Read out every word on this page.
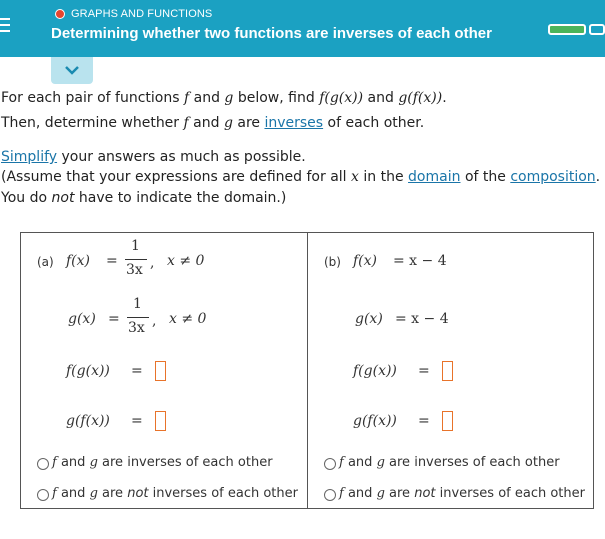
GRAPHS AND FUNCTIONS
Determining whether two functions are inverses of each other
For each pair of functions f and g below, find f(g(x)) and g(f(x)).
Then, determine whether f and g are inverses of each other.
Simplify your answers as much as possible.
(Assume that your expressions are defined for all x in the domain of the composition.
You do not have to indicate the domain.)
(a) f(x) =
1
3x , x ≠ 0
g(x) =
1
3x , x ≠ 0
f(g(x)) =
g(f(x)) =
f and g are inverses of each other
f and g are not inverses of each other
(b) f(x) = x − 4
g(x) = x − 4
f(g(x)) =
g(f(x)) =
f and g are inverses of each other
f and g are not inverses of each other
